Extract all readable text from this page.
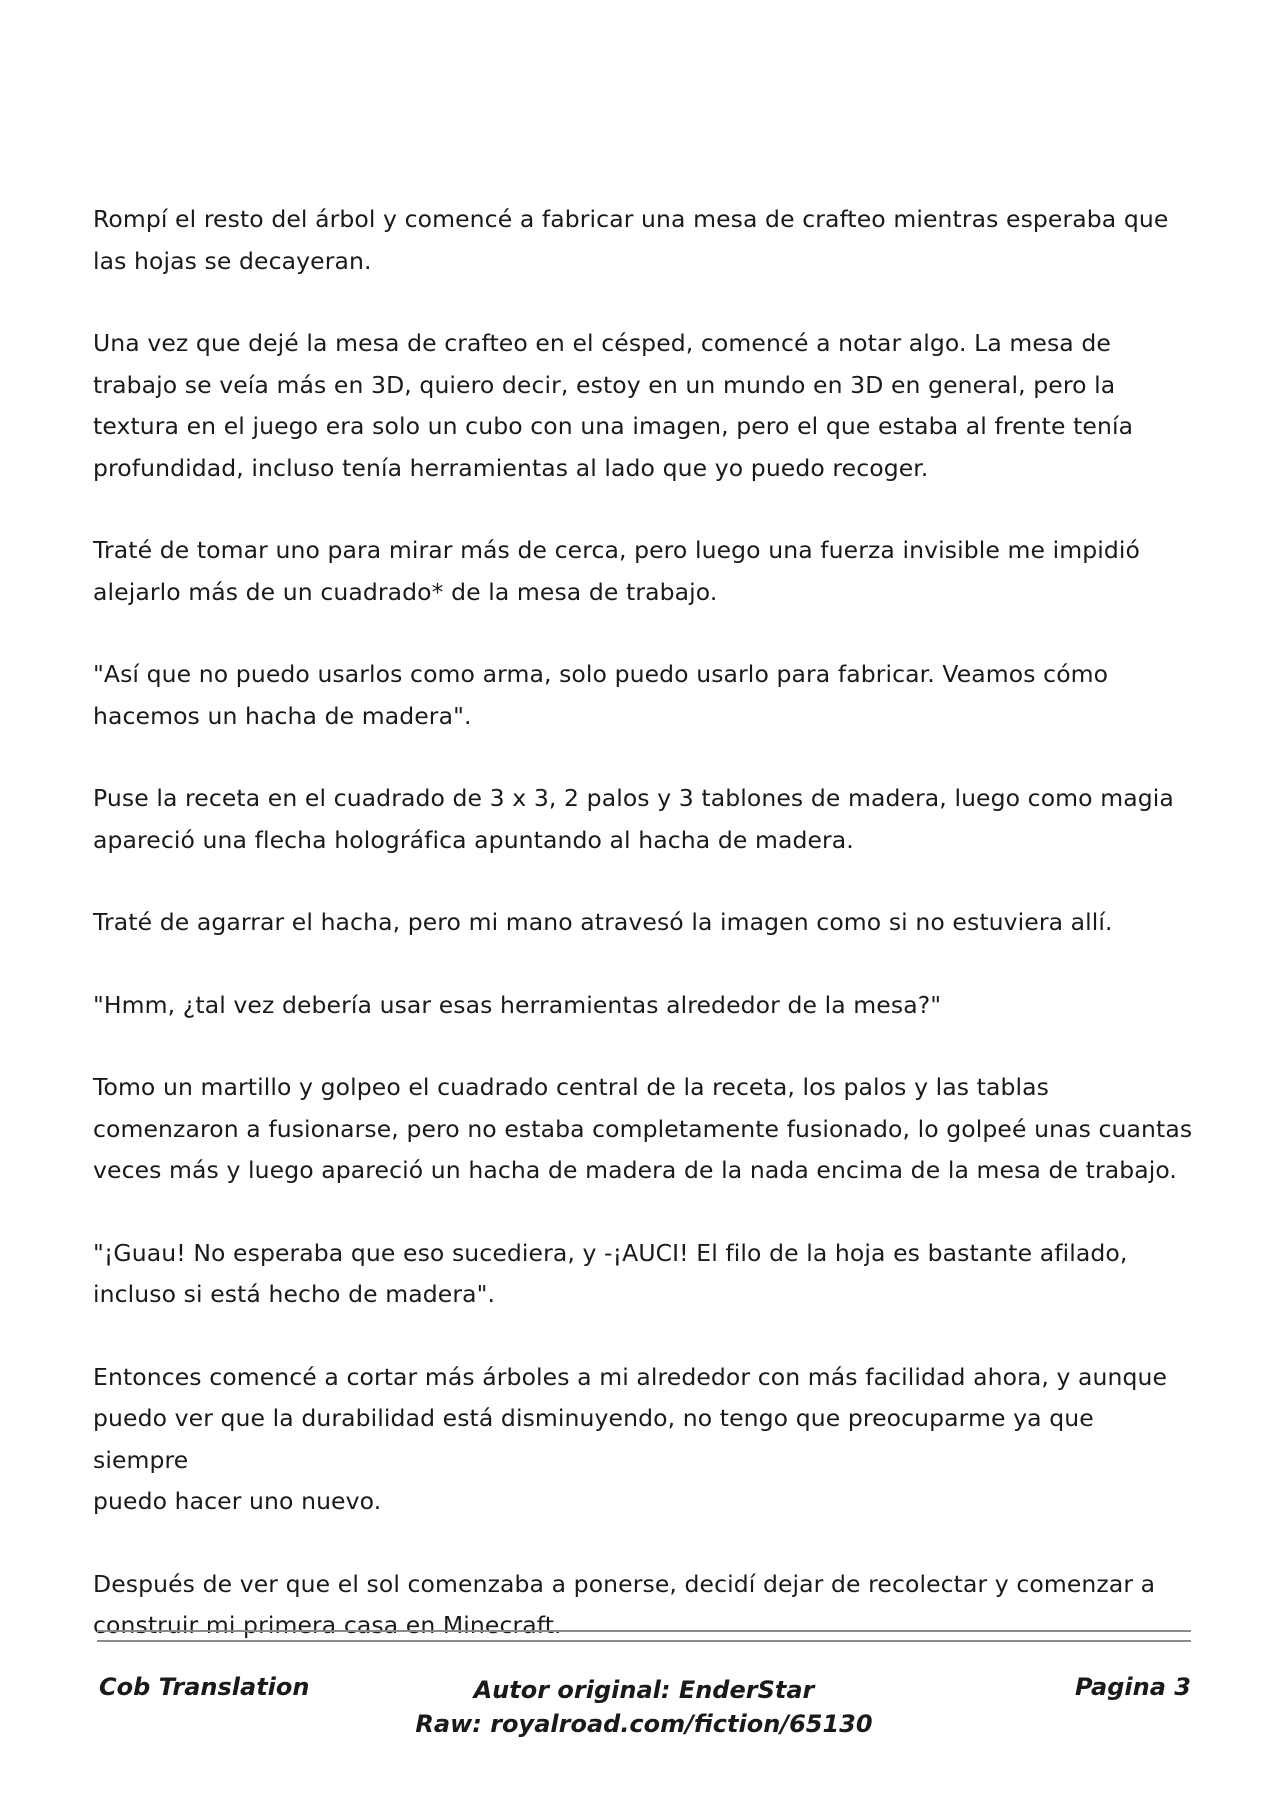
Rompí el resto del árbol y comencé a fabricar una mesa de crafteo mientras esperaba que
las hojas se decayeran.

Una vez que dejé la mesa de crafteo en el césped, comencé a notar algo. La mesa de
trabajo se veía más en 3D, quiero decir, estoy en un mundo en 3D en general, pero la
textura en el juego era solo un cubo con una imagen, pero el que estaba al frente tenía
profundidad, incluso tenía herramientas al lado que yo puedo recoger.

Traté de tomar uno para mirar más de cerca, pero luego una fuerza invisible me impidió
alejarlo más de un cuadrado* de la mesa de trabajo.

"Así que no puedo usarlos como arma, solo puedo usarlo para fabricar. Veamos cómo
hacemos un hacha de madera".

Puse la receta en el cuadrado de 3 x 3, 2 palos y 3 tablones de madera, luego como magia
apareció una flecha holográfica apuntando al hacha de madera.

Traté de agarrar el hacha, pero mi mano atravesó la imagen como si no estuviera allí.

"Hmm, ¿tal vez debería usar esas herramientas alrededor de la mesa?"

Tomo un martillo y golpeo el cuadrado central de la receta, los palos y las tablas
comenzaron a fusionarse, pero no estaba completamente fusionado, lo golpeé unas cuantas
veces más y luego apareció un hacha de madera de la nada encima de la mesa de trabajo.

"¡Guau! No esperaba que eso sucediera, y -¡AUCI! El filo de la hoja es bastante afilado,
incluso si está hecho de madera".

Entonces comencé a cortar más árboles a mi alrededor con más facilidad ahora, y aunque
puedo ver que la durabilidad está disminuyendo, no tengo que preocuparme ya que siempre
puedo hacer uno nuevo.

Después de ver que el sol comenzaba a ponerse, decidí dejar de recolectar y comenzar a
construir mi primera casa en Minecraft.

Cob Translation	Autor original: EnderStar
Raw: royalroad.com/fiction/65130
Pagina 3
